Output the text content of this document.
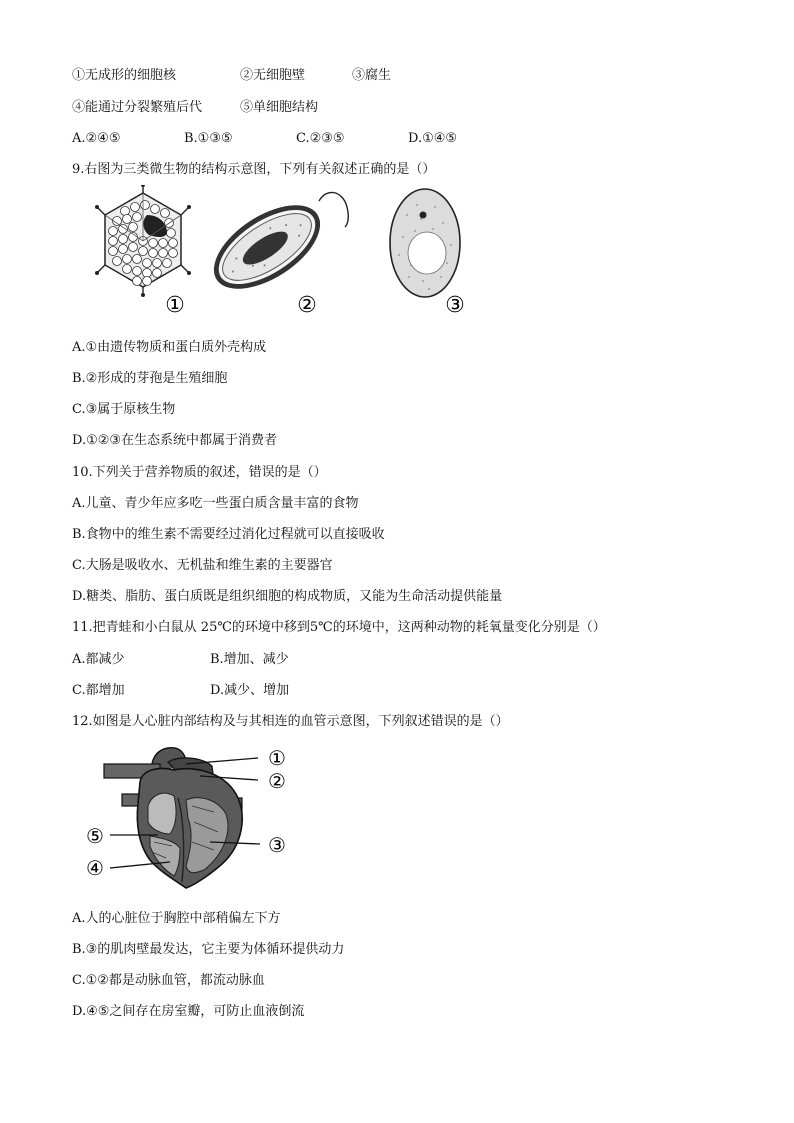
①无成形的细胞核	②无细胞壁	③腐生
④能通过分裂繁殖后代	⑤单细胞结构
A.②④⑤	B.①③⑤	C.②③⑤	D.①④⑤
9.右图为三类微生物的结构示意图，下列有关叙述正确的是（）
①	②	③
A.①由遗传物质和蛋白质外壳构成
B.②形成的芽孢是生殖细胞
C.③属于原核生物
D.①②③在生态系统中都属于消费者
10.下列关于营养物质的叙述，错误的是（）
A.儿童、青少年应多吃一些蛋白质含量丰富的食物
B.食物中的维生素不需要经过消化过程就可以直接吸收
C.大肠是吸收水、无机盐和维生素的主要器官
D.糖类、脂肪、蛋白质既是组织细胞的构成物质，又能为生命活动提供能量
11.把青蛙和小白鼠从 25℃的环境中移到5℃的环境中，这两种动物的耗氧量变化分别是（）
A.都减少	B.增加、减少
C.都增加	D.减少、增加
12.如图是人心脏内部结构及与其相连的血管示意图，下列叙述错误的是（）
①
②
③
④
⑤
A.人的心脏位于胸腔中部稍偏左下方
B.③的肌肉壁最发达，它主要为体循环提供动力
C.①②都是动脉血管，都流动脉血
D.④⑤之间存在房室瓣，可防止血液倒流
